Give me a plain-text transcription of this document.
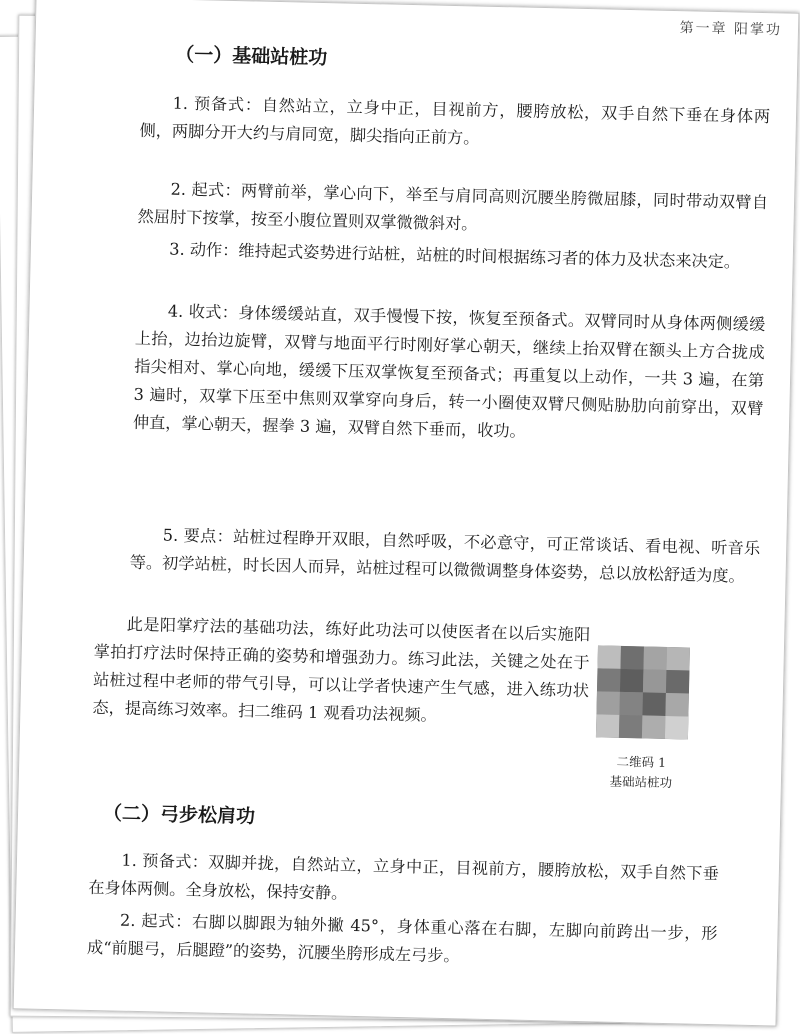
第一章 阳掌功
（一）基础站桩功
1. 预备式：自然站立，立身中正，目视前方，腰胯放松，双手自然下垂在身体两侧，两脚分开大约与肩同宽，脚尖指向正前方。
2. 起式：两臂前举，掌心向下，举至与肩同高则沉腰坐胯微屈膝，同时带动双臂自然屈肘下按掌，按至小腹位置则双掌微微斜对。
3. 动作：维持起式姿势进行站桩，站桩的时间根据练习者的体力及状态来决定。
4. 收式：身体缓缓站直，双手慢慢下按，恢复至预备式。双臂同时从身体两侧缓缓上抬，边抬边旋臂，双臂与地面平行时刚好掌心朝天，继续上抬双臂在额头上方合拢成指尖相对、掌心向地，缓缓下压双掌恢复至预备式；再重复以上动作，一共 3 遍，在第 3 遍时，双掌下压至中焦则双掌穿向身后，转一小圈使双臂尺侧贴胁肋向前穿出，双臂伸直，掌心朝天，握拳 3 遍，双臂自然下垂而，收功。
5. 要点：站桩过程睁开双眼，自然呼吸，不必意守，可正常谈话、看电视、听音乐等。初学站桩，时长因人而异，站桩过程可以微微调整身体姿势，总以放松舒适为度。
此是阳掌疗法的基础功法，练好此功法可以使医者在以后实施阳掌拍打疗法时保持正确的姿势和增强劲力。练习此法，关键之处在于站桩过程中老师的带气引导，可以让学者快速产生气感，进入练功状态，提高练习效率。扫二维码 1 观看功法视频。
二维码 1
基础站桩功
（二）弓步松肩功
1. 预备式：双脚并拢，自然站立，立身中正，目视前方，腰胯放松，双手自然下垂在身体两侧。全身放松，保持安静。
2. 起式：右脚以脚跟为轴外撇 45°，身体重心落在右脚，左脚向前跨出一步，形成“前腿弓，后腿蹬”的姿势，沉腰坐胯形成左弓步。
